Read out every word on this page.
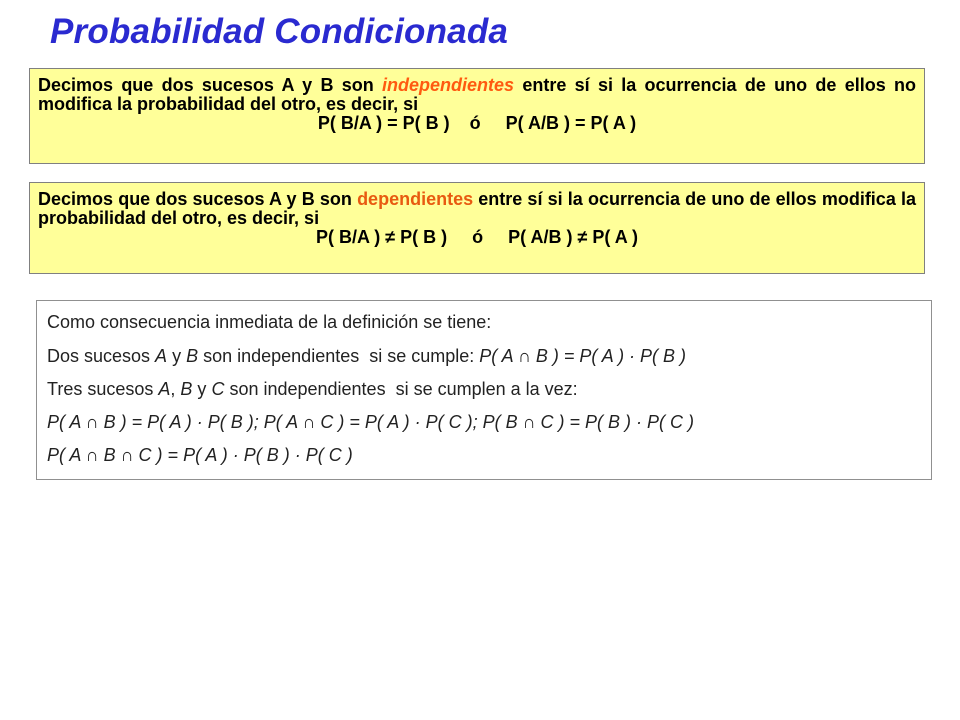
Probabilidad Condicionada
Decimos que dos sucesos A y B son independientes entre sí si la ocurrencia de uno de ellos no modifica la probabilidad del otro, es decir, si
P( B/A ) = P( B )    ó     P( A/B ) = P( A )
Decimos que dos sucesos A y B son dependientes entre sí si la ocurrencia de uno de ellos modifica la probabilidad del otro, es decir, si
P( B/A ) ≠ P( B )     ó     P( A/B ) ≠ P( A )
Como consecuencia inmediata de la definición se tiene:
Dos sucesos A y B son independientes  si se cumple: P( A ∩ B ) = P( A ) · P( B )
Tres sucesos A, B y C son independientes  si se cumplen a la vez:
P( A ∩ B ) = P( A ) · P( B ); P( A ∩ C ) = P( A ) · P( C ); P( B ∩ C ) = P( B ) · P( C )
P( A ∩ B ∩ C ) = P( A ) · P( B ) · P( C )
